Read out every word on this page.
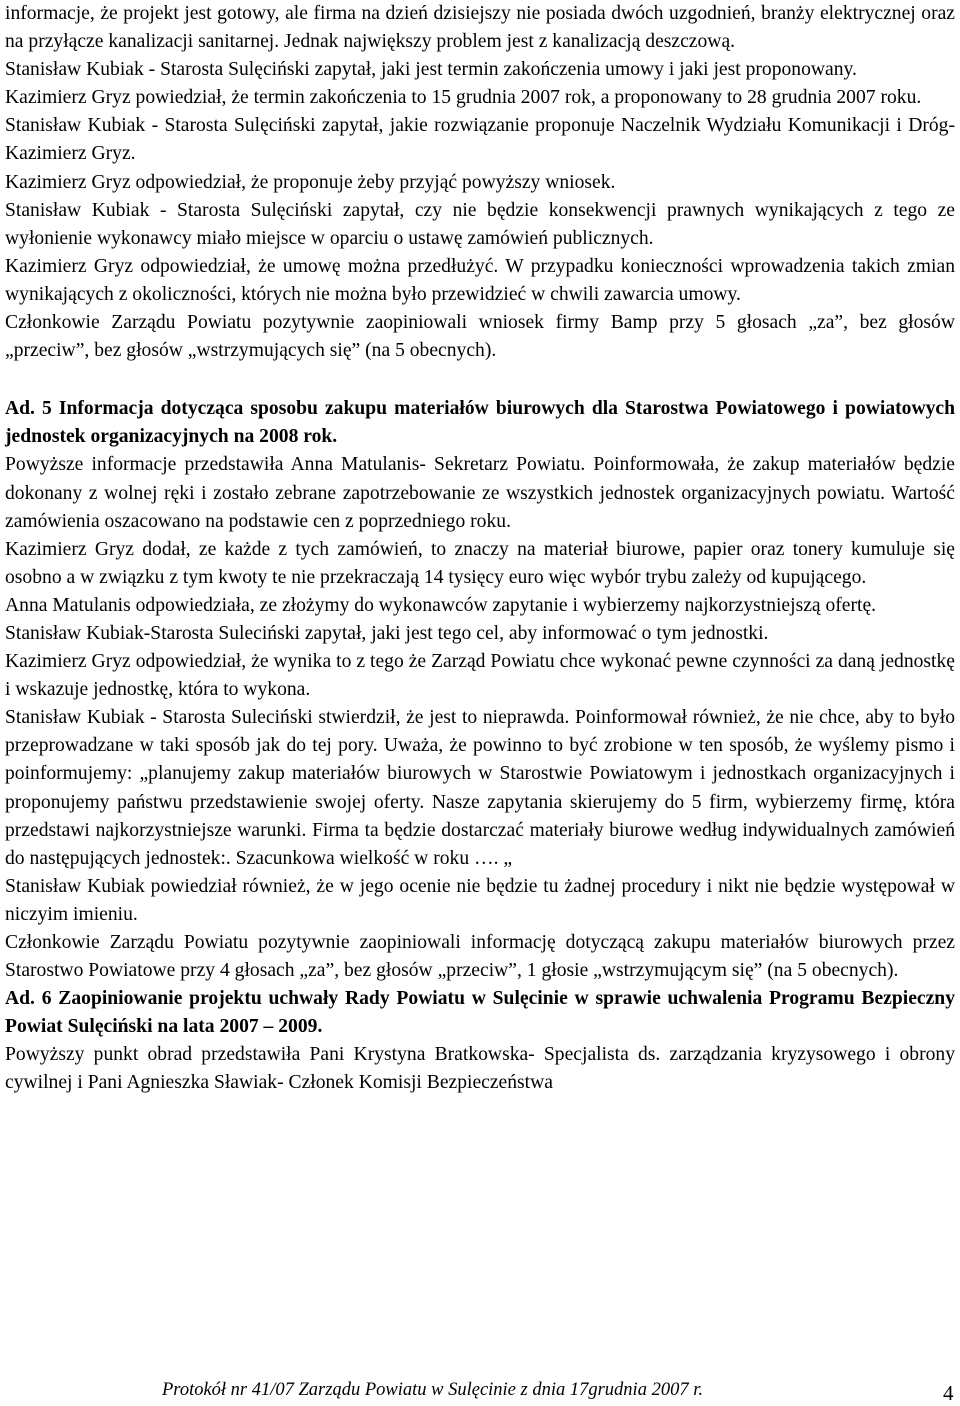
informacje, że projekt jest gotowy, ale firma na dzień dzisiejszy nie posiada dwóch uzgodnień, branży elektrycznej oraz na przyłącze kanalizacji sanitarnej. Jednak największy problem jest z kanalizacją deszczową.

Stanisław Kubiak - Starosta Sulęciński zapytał, jaki jest termin zakończenia umowy i jaki jest proponowany.

Kazimierz Gryz powiedział, że termin zakończenia to 15 grudnia 2007 rok, a proponowany to 28 grudnia 2007 roku.

Stanisław Kubiak - Starosta Sulęciński zapytał, jakie rozwiązanie proponuje Naczelnik Wydziału Komunikacji i Dróg- Kazimierz Gryz.

Kazimierz Gryz odpowiedział, że proponuje żeby przyjąć powyższy wniosek.

Stanisław Kubiak - Starosta Sulęciński zapytał, czy nie będzie konsekwencji prawnych wynikających z tego ze wyłonienie wykonawcy miało miejsce w oparciu o ustawę zamówień publicznych.

Kazimierz Gryz odpowiedział, że umowę można przedłużyć. W przypadku konieczności wprowadzenia takich zmian wynikających z okoliczności, których nie można było przewidzieć w chwili zawarcia umowy.

Członkowie Zarządu Powiatu pozytywnie zaopiniowali wniosek firmy Bamp przy 5 głosach „za”, bez głosów „przeciw”, bez głosów „wstrzymujących się” (na 5 obecnych).

Ad. 5 Informacja dotycząca sposobu zakupu materiałów biurowych dla Starostwa Powiatowego i powiatowych jednostek organizacyjnych na 2008 rok.

Powyższe informacje przedstawiła Anna Matulanis- Sekretarz Powiatu. Poinformowała, że zakup materiałów będzie dokonany z wolnej ręki i zostało zebrane zapotrzebowanie ze wszystkich jednostek organizacyjnych powiatu. Wartość zamówienia oszacowano na podstawie cen z poprzedniego roku.

Kazimierz Gryz dodał, ze każde z tych zamówień, to znaczy na materiał biurowe, papier oraz tonery kumuluje się osobno a w związku z tym kwoty te nie przekraczają 14 tysięcy euro więc wybór trybu zależy od kupującego.

Anna Matulanis odpowiedziała, ze złożymy do wykonawców zapytanie i wybierzemy najkorzystniejszą ofertę.

Stanisław Kubiak-Starosta Suleciński zapytał, jaki jest tego cel, aby informować o tym jednostki.

Kazimierz Gryz odpowiedział, że wynika to z tego że Zarząd Powiatu chce wykonać pewne czynności za daną jednostkę i wskazuje jednostkę, która to wykona.

Stanisław Kubiak - Starosta Suleciński stwierdził, że jest to nieprawda. Poinformował również, że nie chce, aby to było przeprowadzane w taki sposób jak do tej pory. Uważa, że powinno to być zrobione w ten sposób, że wyślemy pismo i poinformujemy: „planujemy zakup materiałów biurowych w Starostwie Powiatowym i jednostkach organizacyjnych i proponujemy państwu przedstawienie swojej oferty. Nasze zapytania skierujemy do 5 firm, wybierzemy firmę, która przedstawi najkorzystniejsze warunki. Firma ta będzie dostarczać materiały biurowe według indywidualnych zamówień do następujących jednostek:. Szacunkowa wielkość w roku …. „

Stanisław Kubiak powiedział również, że w jego ocenie nie będzie tu żadnej procedury i nikt nie będzie występował w niczyim imieniu.

Członkowie Zarządu Powiatu pozytywnie zaopiniowali informację dotyczącą zakupu materiałów biurowych przez Starostwo Powiatowe przy 4 głosach „za”, bez głosów „przeciw”, 1 głosie „wstrzymującym się” (na 5 obecnych).

Ad. 6 Zaopiniowanie projektu uchwały Rady Powiatu w Sulęcinie w sprawie uchwalenia Programu Bezpieczny Powiat Sulęciński na lata 2007 – 2009.

Powyższy punkt obrad przedstawiła Pani Krystyna Bratkowska- Specjalista ds. zarządzania kryzysowego i obrony cywilnej i Pani Agnieszka Sławiak- Członek Komisji Bezpieczeństwa

Protokół nr 41/07 Zarządu Powiatu w Sulęcinie z dnia 17grudnia 2007 r.	4
